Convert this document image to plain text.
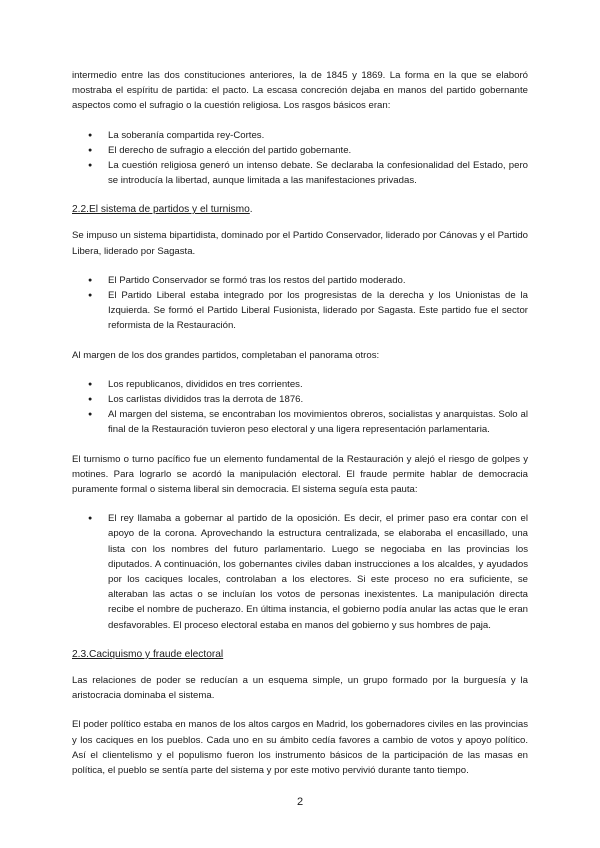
intermedio entre las dos constituciones anteriores, la de 1845 y 1869. La forma en la que se elaboró mostraba el espíritu de partida: el pacto. La escasa concreción dejaba en manos del partido gobernante aspectos como el sufragio o la cuestión religiosa. Los rasgos básicos eran:

● La soberanía compartida rey-Cortes.
● El derecho de sufragio a elección del partido gobernante.
● La cuestión religiosa generó un intenso debate. Se declaraba la confesionalidad del Estado, pero se introducía la libertad, aunque limitada a las manifestaciones privadas.
2.2.El sistema de partidos y el turnismo.

Se impuso un sistema bipartidista, dominado por el Partido Conservador, liderado por Cánovas y el Partido Libera, liderado por Sagasta.

● El Partido Conservador se formó tras los restos del partido moderado.
● El Partido Liberal estaba integrado por los progresistas de la derecha y los Unionistas de la Izquierda. Se formó el Partido Liberal Fusionista, liderado por Sagasta. Este partido fue el sector reformista de la Restauración.

Al margen de los dos grandes partidos, completaban el panorama otros:

● Los republicanos, divididos en tres corrientes.
● Los carlistas divididos tras la derrota de 1876.
● Al margen del sistema, se encontraban los movimientos obreros, socialistas y anarquistas. Solo al final de la Restauración tuvieron peso electoral y una ligera representación parlamentaria.

El turnismo o turno pacífico fue un elemento fundamental de la Restauración y alejó el riesgo de golpes y motines. Para lograrlo se acordó la manipulación electoral. El fraude permite hablar de democracia puramente formal o sistema liberal sin democracia. El sistema seguía esta pauta:

● El rey llamaba a gobernar al partido de la oposición. Es decir, el primer paso era contar con el apoyo de la corona. Aprovechando la estructura centralizada, se elaboraba el encasillado, una lista con los nombres del futuro parlamentario. Luego se negociaba en las provincias los diputados. A continuación, los gobernantes civiles daban instrucciones a los alcaldes, y ayudados por los caciques locales, controlaban a los electores. Si este proceso no era suficiente, se alteraban las actas o se incluían los votos de personas inexistentes. La manipulación directa recibe el nombre de pucherazo. En última instancia, el gobierno podía anular las actas que le eran desfavorables. El proceso electoral estaba en manos del gobierno y sus hombres de paja.
2.3.Caciquismo y fraude electoral

Las relaciones de poder se reducían a un esquema simple, un grupo formado por la burguesía y la aristocracia dominaba el sistema.

El poder político estaba en manos de los altos cargos en Madrid, los gobernadores civiles en las provincias y los caciques en los pueblos. Cada uno en su ámbito cedía favores a cambio de votos y apoyo político. Así el clientelismo y el populismo fueron los instrumento básicos de la participación de las masas en política, el pueblo se sentía parte del sistema y por este motivo pervivió durante tanto tiempo.

2
